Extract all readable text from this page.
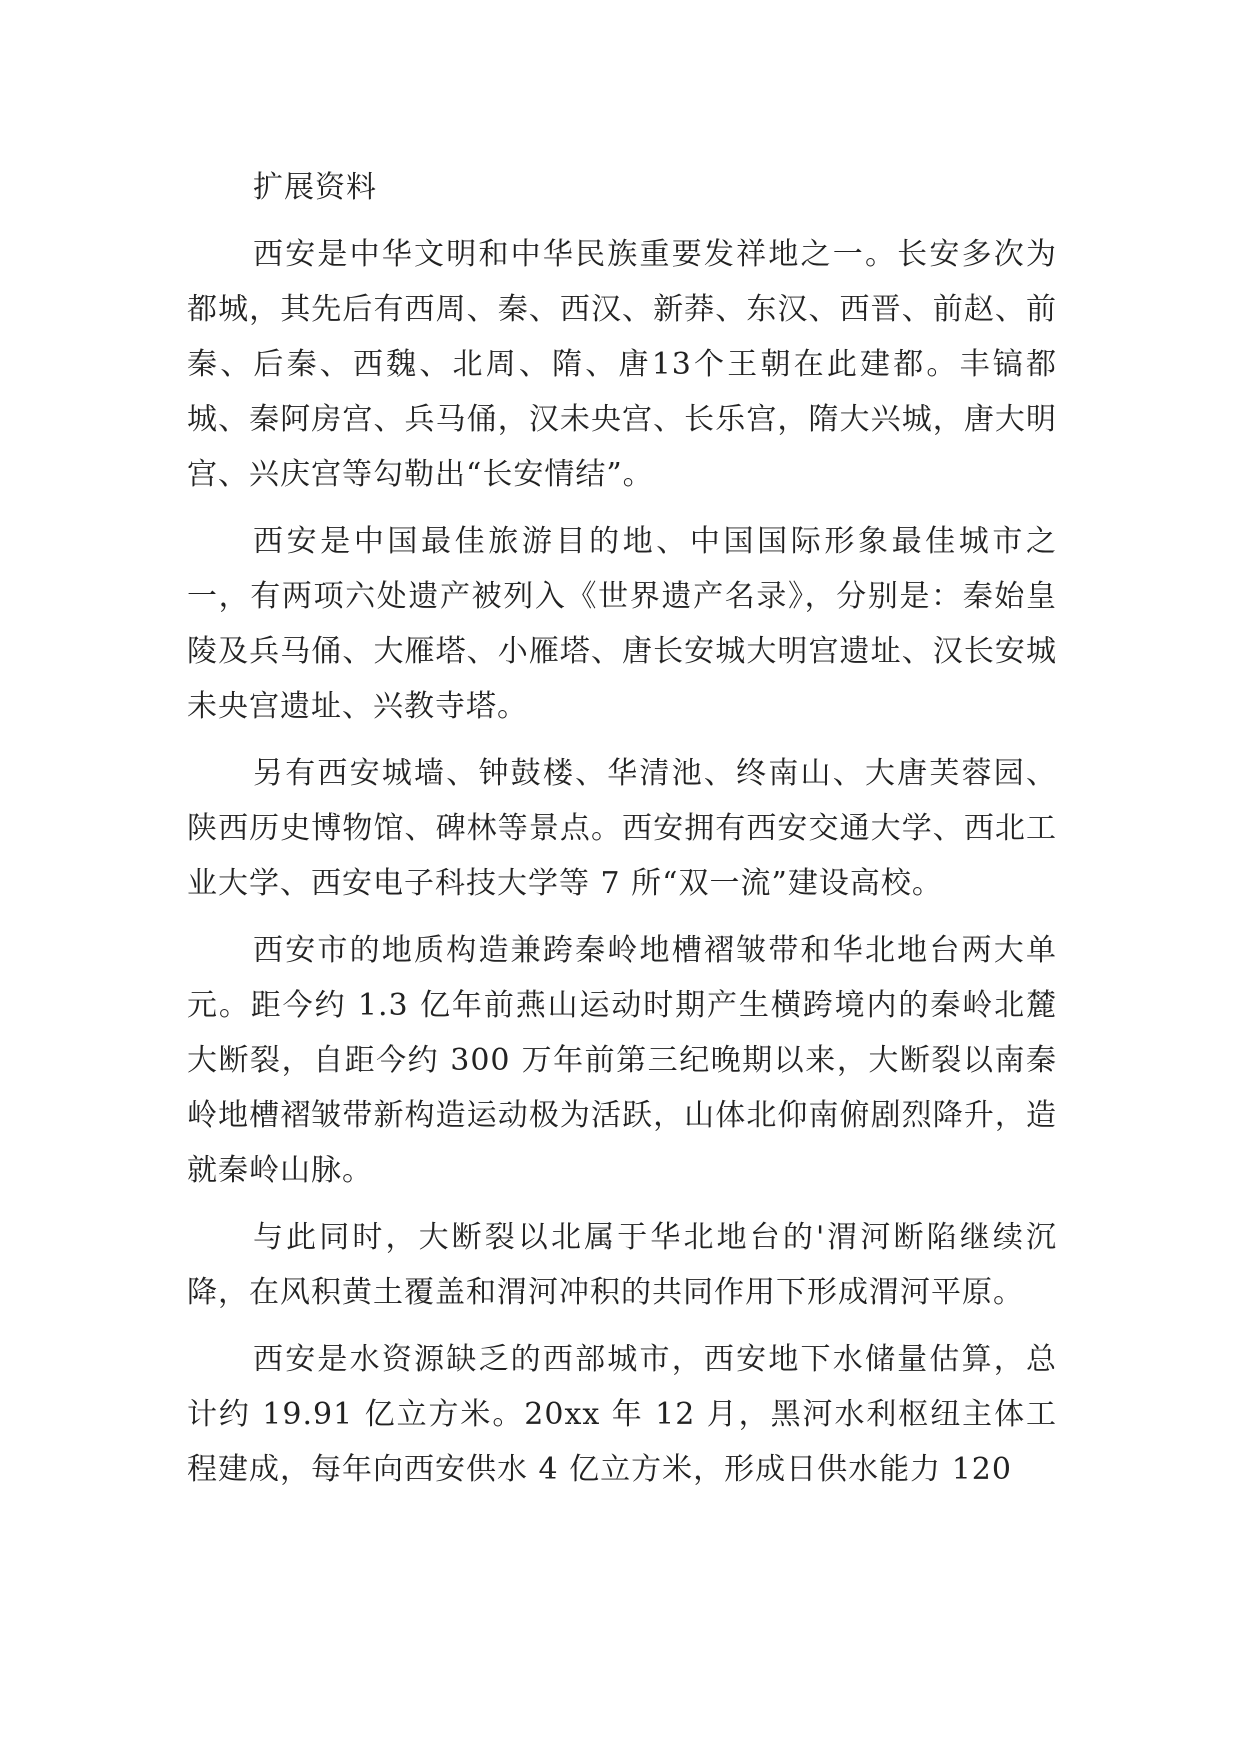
扩展资料

西安是中华文明和中华民族重要发祥地之一。长安多次为都城，其先后有西周、秦、西汉、新莽、东汉、西晋、前赵、前秦、后秦、西魏、北周、隋、唐13个王朝在此建都。丰镐都城、秦阿房宫、兵马俑，汉未央宫、长乐宫，隋大兴城，唐大明宫、兴庆宫等勾勒出“长安情结”。

西安是中国最佳旅游目的地、中国国际形象最佳城市之一，有两项六处遗产被列入《世界遗产名录》，分别是：秦始皇陵及兵马俑、大雁塔、小雁塔、唐长安城大明宫遗址、汉长安城未央宫遗址、兴教寺塔。

另有西安城墙、钟鼓楼、华清池、终南山、大唐芙蓉园、陕西历史博物馆、碑林等景点。西安拥有西安交通大学、西北工业大学、西安电子科技大学等 7 所“双一流”建设高校。

西安市的地质构造兼跨秦岭地槽褶皱带和华北地台两大单元。距今约 1.3 亿年前燕山运动时期产生横跨境内的秦岭北麓大断裂，自距今约 300 万年前第三纪晚期以来，大断裂以南秦岭地槽褶皱带新构造运动极为活跃，山体北仰南俯剧烈降升，造就秦岭山脉。

与此同时，大断裂以北属于华北地台的'渭河断陷继续沉降，在风积黄土覆盖和渭河冲积的共同作用下形成渭河平原。

西安是水资源缺乏的西部城市，西安地下水储量估算，总计约 19.91 亿立方米。20xx 年 12 月，黑河水利枢纽主体工程建成，每年向西安供水 4 亿立方米，形成日供水能力 120
